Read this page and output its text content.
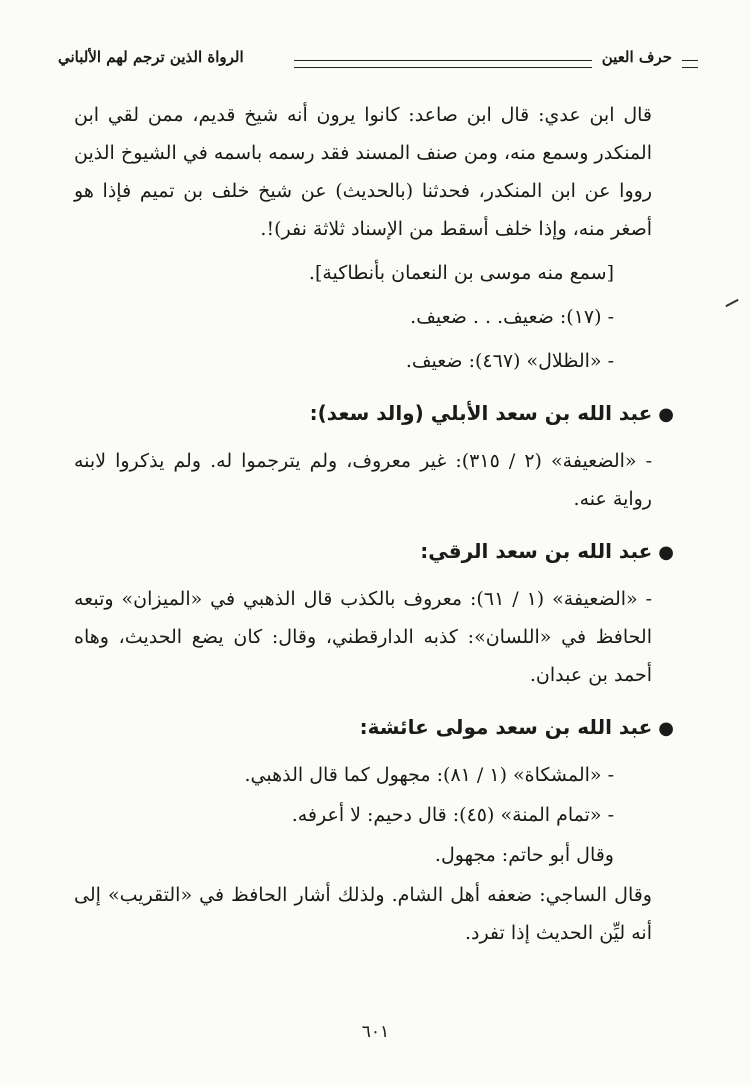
حرف العين
الرواة الذين ترجم لهم الألباني

قال ابن عدي: قال ابن صاعد: كانوا يرون أنه شيخ قديم، ممن لقي ابن المنكدر وسمع منه، ومن صنف المسند فقد رسمه باسمه في الشيوخ الذين رووا عن ابن المنكدر، فحدثنا (بالحديث) عن شيخ خلف بن تميم فإذا هو أصغر منه، وإذا خلف أسقط من الإسناد ثلاثة نفر)!.

[سمع منه موسى بن النعمان بأنطاكية].

- (١٧): ضعيف. . . ضعيف.

- «الظلال» (٤٦٧): ضعيف.

●عبد الله بن سعد الأبلي (والد سعد):

- «الضعيفة» (٢ / ٣١٥): غير معروف، ولم يترجموا له. ولم يذكروا لابنه رواية عنه.

●عبد الله بن سعد الرقي:

- «الضعيفة» (١ / ٦١): معروف بالكذب قال الذهبي في «الميزان» وتبعه الحافظ في «اللسان»: كذبه الدارقطني، وقال: كان يضع الحديث، وهاه أحمد بن عبدان.

●عبد الله بن سعد مولى عائشة:

- «المشكاة» (١ / ٨١): مجهول كما قال الذهبي.

- «تمام المنة» (٤٥): قال دحيم: لا أعرفه.

وقال أبو حاتم: مجهول.

وقال الساجي: ضعفه أهل الشام. ولذلك أشار الحافظ في «التقريب» إلى أنه ليِّن الحديث إذا تفرد.

٦٠١
